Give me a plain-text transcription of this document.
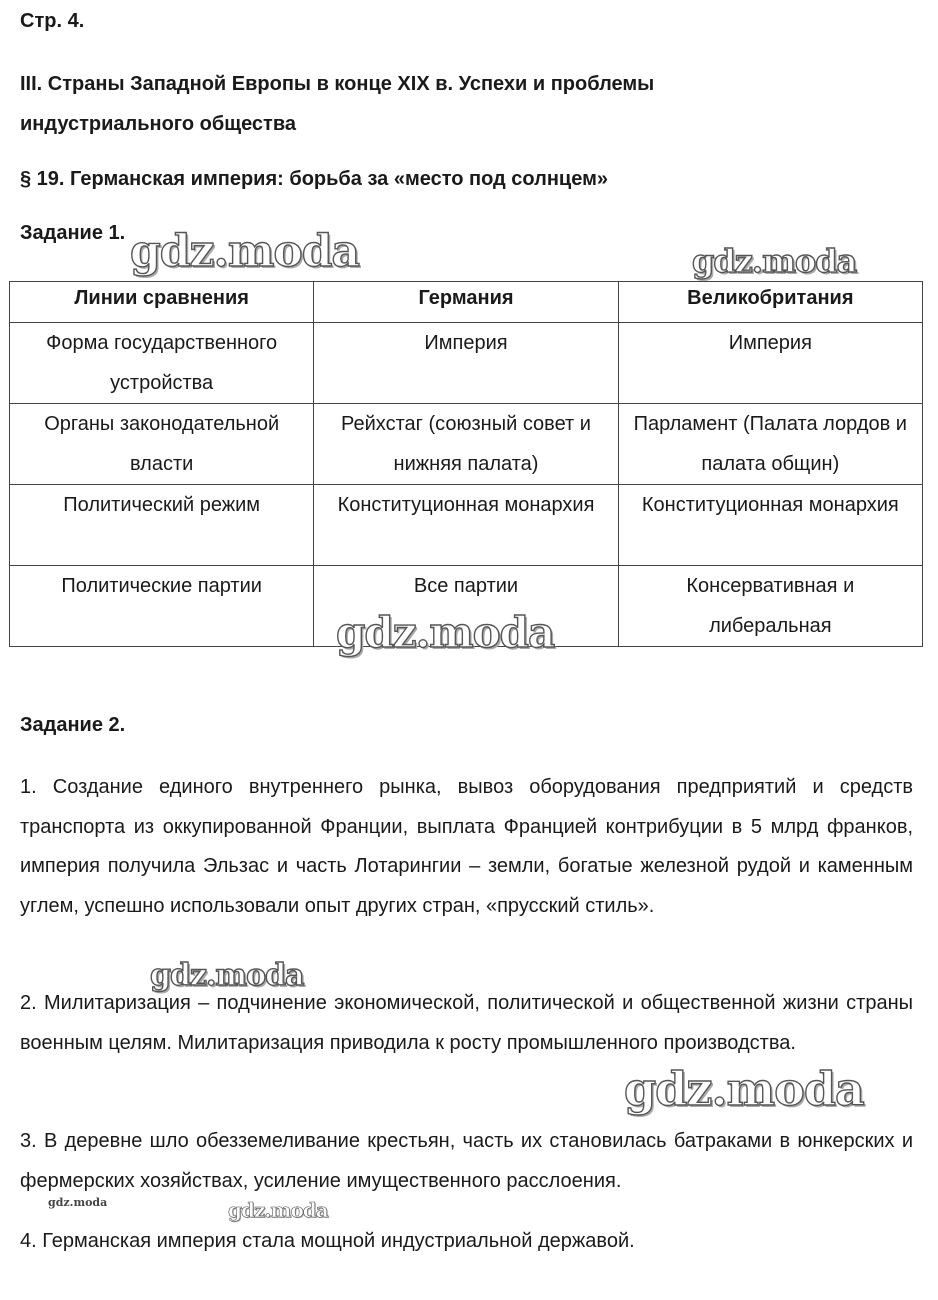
Стр. 4.
III. Страны Западной Европы в конце XIX в. Успехи и проблемы индустриального общества
§ 19. Германская империя: борьба за «место под солнцем»
Задание 1.
Линии сравнения	Германия	Великобритания
Форма государственного устройства	Империя	Империя
Органы законодательной власти	Рейхстаг (союзный совет и нижняя палата)	Парламент (Палата лордов и палата общин)
Политический режим	Конституционная монархия	Конституционная монархия
Политические партии	Все партии	Консервативная и либеральная
Задание 2.

1. Создание единого внутреннего рынка, вывоз оборудования предприятий и средств транспорта из оккупированной Франции, выплата Францией контрибуции в 5 млрд франков, империя получила Эльзас и часть Лотарингии – земли, богатые железной рудой и каменным углем, успешно использовали опыт других стран, «прусский стиль».

2. Милитаризация – подчинение экономической, политической и общественной жизни страны военным целям. Милитаризация приводила к росту промышленного производства.

3. В деревне шло обезземеливание крестьян, часть их становилась батраками в юнкерских и фермерских хозяйствах, усиление имущественного расслоения.

4. Германская империя стала мощной индустриальной державой.

gdz.moda	gdz.moda
gdz.moda
gdz.moda
gdz.moda
gdz.moda	gdz.moda
